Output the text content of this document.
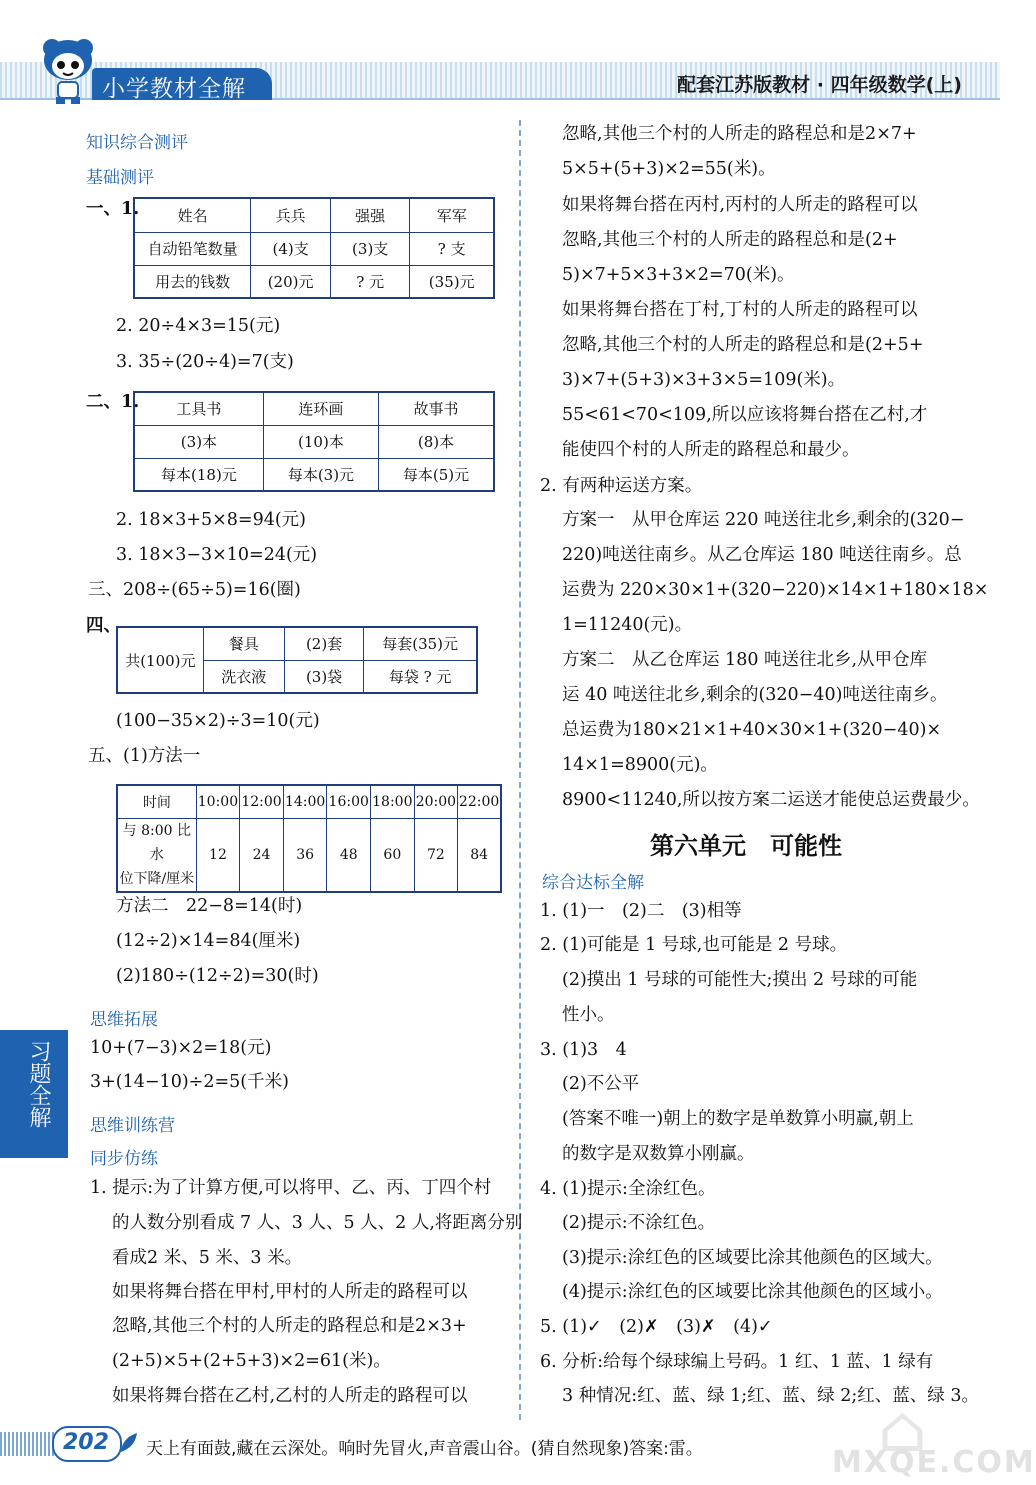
小学教材全解	配套江苏版教材 · 四年级数学(上)
知识综合测评
基础测评
一、1.	姓名	兵兵	强强	军军
自动铅笔数量	(4)支	(3)支	? 支
用去的钱数	(20)元	? 元	(35)元
2. 20÷4×3=15(元)
3. 35÷(20÷4)=7(支)
二、1. 工具书	连环画	故事书
(3)本	(10)本	(8)本
每本(18)元	每本(3)元	每本(5)元
2. 18×3+5×8=94(元)
3. 18×3−3×10=24(元)
三、208÷(65÷5)=16(圈)
四、
共(100)元	餐具	(2)套	每套(35)元
	洗衣液	(3)袋	每袋 ? 元
(100−35×2)÷3=10(元)
五、(1)方法一
时间	10:00	12:00	14:00	16:00	18:00	20:00	22:00

与 8:00 比水
位下降/厘米	12	24	36	48	60	72	84
方法二　22−8=14(时)
(12÷2)×14=84(厘米)
(2)180÷(12÷2)=30(时)
思维拓展
10+(7−3)×2=18(元)
3+(14−10)÷2=5(千米)
思维训练营
同步仿练
1. 提示:为了计算方便,可以将甲、乙、丙、丁四个村
的人数分别看成 7 人、3 人、5 人、2 人,将距离分别
看成2 米、5 米、3 米。
如果将舞台搭在甲村,甲村的人所走的路程可以
忽略,其他三个村的人所走的路程总和是2×3+
(2+5)×5+(2+5+3)×2=61(米)。
如果将舞台搭在乙村,乙村的人所走的路程可以
忽略,其他三个村的人所走的路程总和是2×7+
5×5+(5+3)×2=55(米)。
如果将舞台搭在丙村,丙村的人所走的路程可以
忽略,其他三个村的人所走的路程总和是(2+
5)×7+5×3+3×2=70(米)。
如果将舞台搭在丁村,丁村的人所走的路程可以
忽略,其他三个村的人所走的路程总和是(2+5+
3)×7+(5+3)×3+3×5=109(米)。
55<61<70<109,所以应该将舞台搭在乙村,才
能使四个村的人所走的路程总和最少。
2. 有两种运送方案。
方案一　从甲仓库运 220 吨送往北乡,剩余的(320−
220)吨送往南乡。从乙仓库运 180 吨送往南乡。总
运费为 220×30×1+(320−220)×14×1+180×18×
1=11240(元)。
方案二　从乙仓库运 180 吨送往北乡,从甲仓库
运 40 吨送往北乡,剩余的(320−40)吨送往南乡。
总运费为180×21×1+40×30×1+(320−40)×
14×1=8900(元)。
8900<11240,所以按方案二运送才能使总运费最少。
第六单元　可能性
综合达标全解
1. (1)一　(2)二　(3)相等
2. (1)可能是 1 号球,也可能是 2 号球。
(2)摸出 1 号球的可能性大;摸出 2 号球的可能
性小。
3. (1)3　4
(2)不公平
(答案不唯一)朝上的数字是单数算小明赢,朝上
的数字是双数算小刚赢。
4. (1)提示:全涂红色。
(2)提示:不涂红色。
(3)提示:涂红色的区域要比涂其他颜色的区域大。
(4)提示:涂红色的区域要比涂其他颜色的区域小。
5. (1)✓　(2)✗　(3)✗　(4)✓
6. 分析:给每个绿球编上号码。1 红、1 蓝、1 绿有
3 种情况:红、蓝、绿 1;红、蓝、绿 2;红、蓝、绿 3。
习题全解
202 天上有面鼓,藏在云深处。响时先冒火,声音震山谷。(猜自然现象)答案:雷。	⌂
MXQE.COM
